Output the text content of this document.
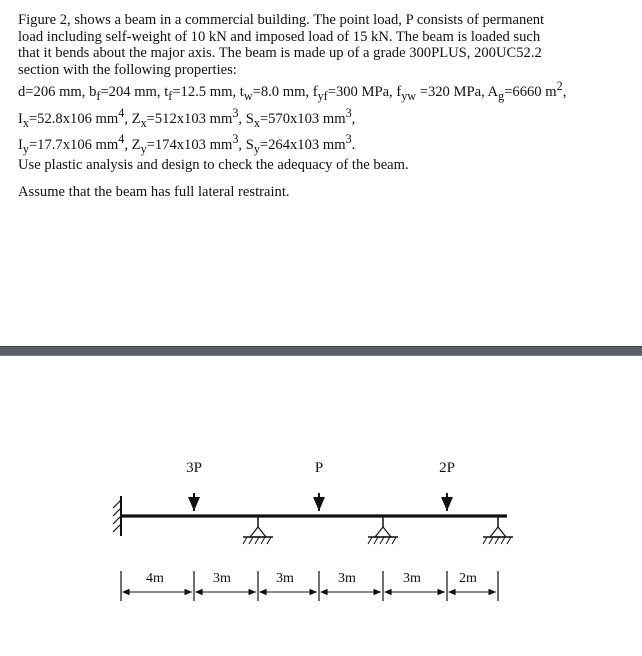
Figure 2, shows a beam in a commercial building. The point load, P consists of permanent

load including self-weight of 10 kN and imposed load of 15 kN. The beam is loaded such

that it bends about the major axis. The beam is made up of a grade 300PLUS, 200UC52.2

section with the following properties:

d=206 mm, $b_f=204$ mm, $t_f=12.5$ mm, $t_w=8.0$ mm, $f_{yf}=300$ MPa, $f_{yw} =320$ MPa, $A_g=6660$ $m^2$,

$I_x=52.8x106$ $mm^4$, $Z_x=512x103$ $mm^3$, $S_x=570x103$ $mm^3$,

$I_y=17.7x106$ $mm^4$, $Z_y=174x103$ $mm^3$, $S_y=264x103$ $mm^3$.

Use plastic analysis and design to check the adequacy of the beam.

Assume that the beam has full lateral restraint.

3P	P	2P
4m	3m	3m	3m	3m	2m
